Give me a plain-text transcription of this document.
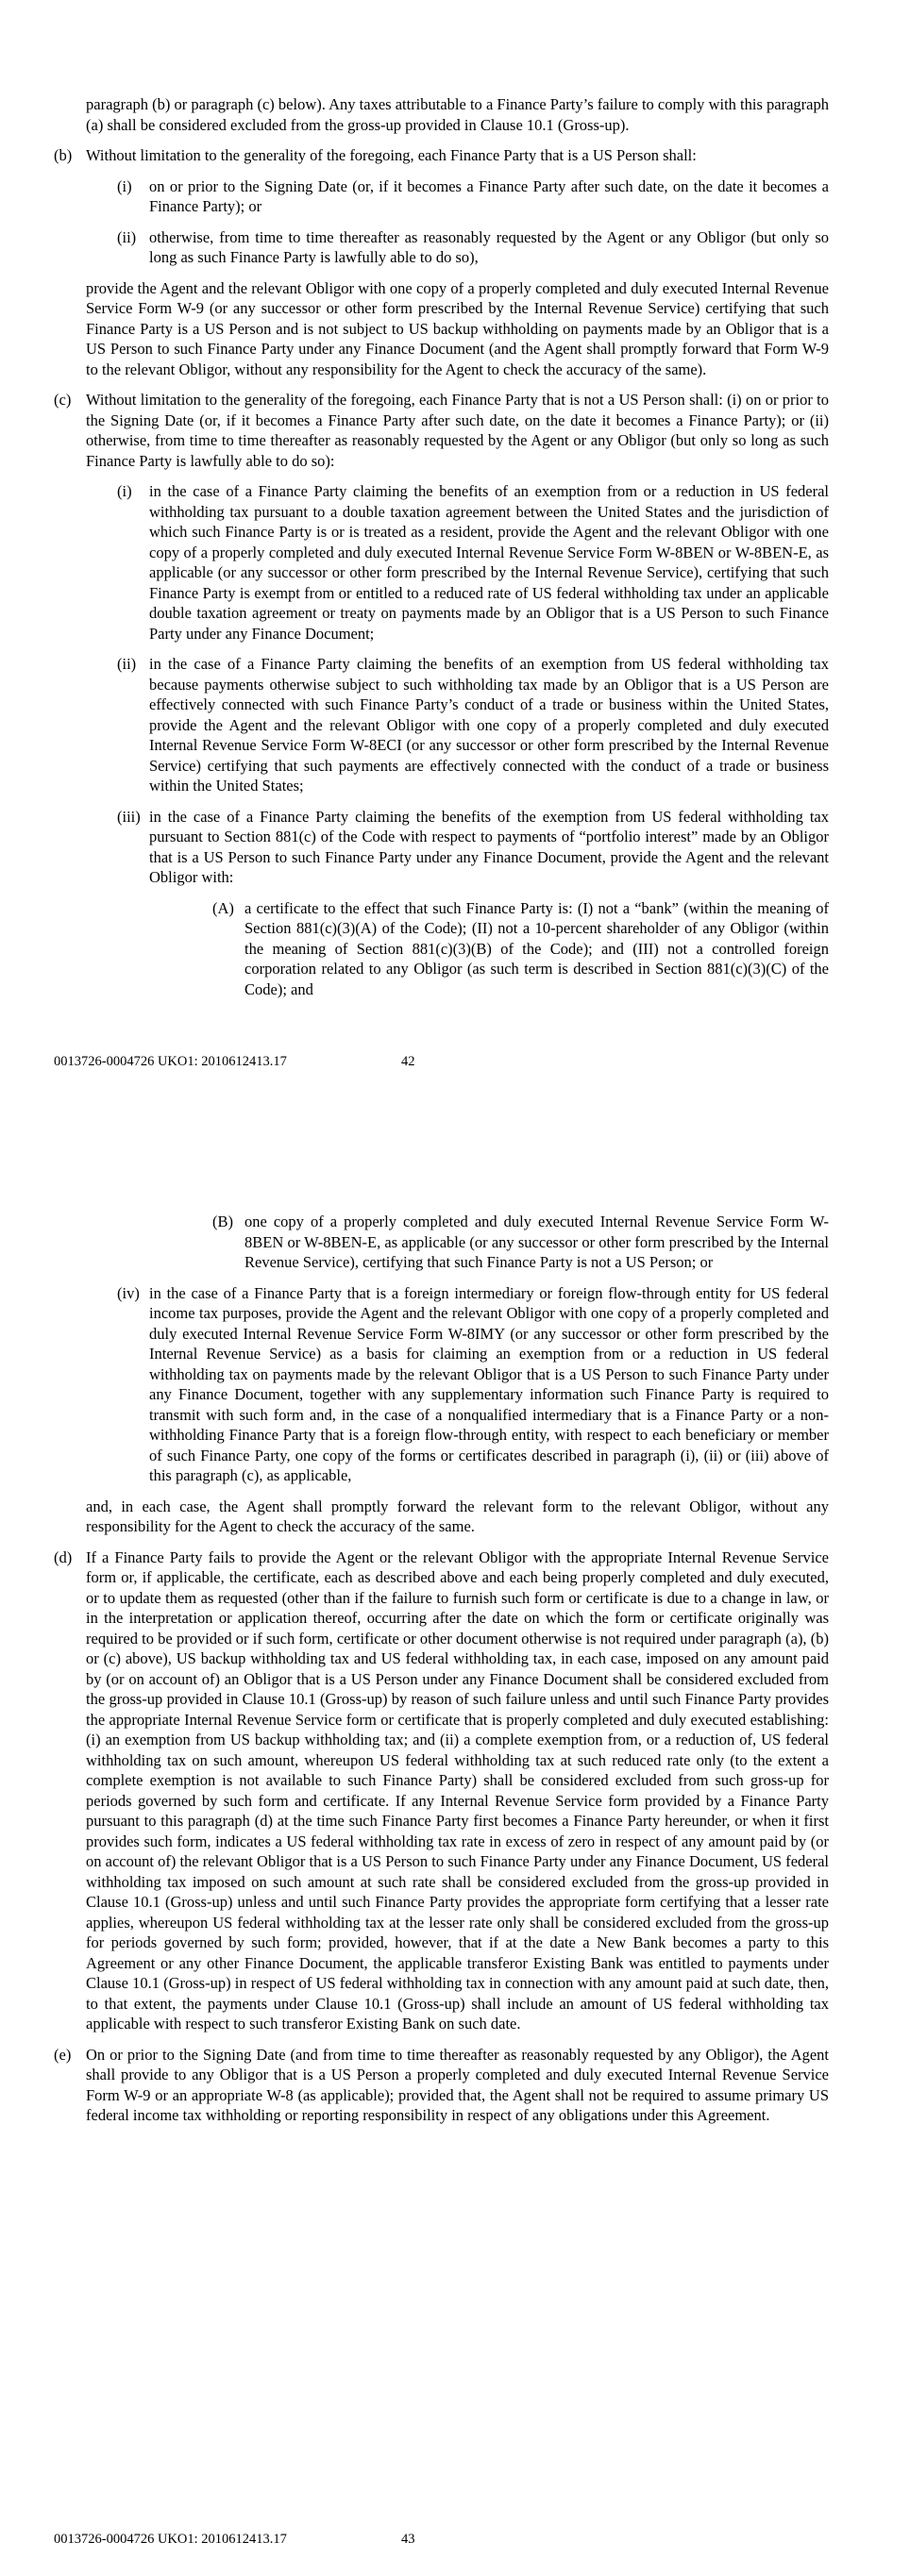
paragraph (b) or paragraph (c) below). Any taxes attributable to a Finance Party’s failure to comply with this paragraph (a) shall be considered excluded from the gross-up provided in Clause 10.1 (Gross-up).
(b) Without limitation to the generality of the foregoing, each Finance Party that is a US Person shall:
(i)	on or prior to the Signing Date (or, if it becomes a Finance Party after such date, on the date it becomes a Finance Party); or
(ii) otherwise, from time to time thereafter as reasonably requested by the Agent or any Obligor (but only so long as such Finance Party is lawfully able to do so),
provide the Agent and the relevant Obligor with one copy of a properly completed and duly executed Internal Revenue Service Form W-9 (or any successor or other form prescribed by the Internal Revenue Service) certifying that such Finance Party is a US Person and is not subject to US backup withholding on payments made by an Obligor that is a US Person to such Finance Party under any Finance Document (and the Agent shall promptly forward that Form W-9 to the relevant Obligor, without any responsibility for the Agent to check the accuracy of the same).
(c) Without limitation to the generality of the foregoing, each Finance Party that is not a US Person shall: (i) on or prior to the Signing Date (or, if it becomes a Finance Party after such date, on the date it becomes a Finance Party); or (ii) otherwise, from time to time thereafter as reasonably requested by the Agent or any Obligor (but only so long as such Finance Party is lawfully able to do so):
(i)	in the case of a Finance Party claiming the benefits of an exemption from or a reduction in US federal withholding tax pursuant to a double taxation agreement between the United States and the jurisdiction of which such Finance Party is or is treated as a resident, provide the Agent and the relevant Obligor with one copy of a properly completed and duly executed Internal Revenue Service Form W-8BEN or W-8BEN-E, as applicable (or any successor or other form prescribed by the Internal Revenue Service), certifying that such Finance Party is exempt from or entitled to a reduced rate of US federal withholding tax under an applicable double taxation agreement or treaty on payments made by an Obligor that is a US Person to such Finance Party under any Finance Document;
(ii) in the case of a Finance Party claiming the benefits of an exemption from US federal withholding tax because payments otherwise subject to such withholding tax made by an Obligor that is a US Person are effectively connected with such Finance Party’s conduct of a trade or business within the United States, provide the Agent and the relevant Obligor with one copy of a properly completed and duly executed Internal Revenue Service Form W-8ECI (or any successor or other form prescribed by the Internal Revenue Service) certifying that such payments are effectively connected with the conduct of a trade or business within the United States;
(iii) in the case of a Finance Party claiming the benefits of the exemption from US federal withholding tax pursuant to Section 881(c) of the Code with respect to payments of “portfolio interest” made by an Obligor that is a US Person to such Finance Party under any Finance Document, provide the Agent and the relevant Obligor with:
(A) a certificate to the effect that such Finance Party is: (I) not a “bank” (within the meaning of Section 881(c)(3)(A) of the Code); (II) not a 10-percent shareholder of any Obligor (within the meaning of Section 881(c)(3)(B) of the Code); and (III) not a controlled foreign corporation related to any Obligor (as such term is described in Section 881(c)(3)(C) of the Code); and
0013726-0004726 UKO1: 2010612413.17	42
(B) one copy of a properly completed and duly executed Internal Revenue Service Form W-8BEN or W-8BEN-E, as applicable (or any successor or other form prescribed by the Internal Revenue Service), certifying that such Finance Party is not a US Person; or
(iv) in the case of a Finance Party that is a foreign intermediary or foreign flow-through entity for US federal income tax purposes, provide the Agent and the relevant Obligor with one copy of a properly completed and duly executed Internal Revenue Service Form W-8IMY (or any successor or other form prescribed by the Internal Revenue Service) as a basis for claiming an exemption from or a reduction in US federal withholding tax on payments made by the relevant Obligor that is a US Person to such Finance Party under any Finance Document, together with any supplementary information such Finance Party is required to transmit with such form and, in the case of a nonqualified intermediary that is a Finance Party or a non-withholding Finance Party that is a foreign flow-through entity, with respect to each beneficiary or member of such Finance Party, one copy of the forms or certificates described in paragraph (i), (ii) or (iii) above of this paragraph (c), as applicable,
and, in each case, the Agent shall promptly forward the relevant form to the relevant Obligor, without any responsibility for the Agent to check the accuracy of the same.
(d) If a Finance Party fails to provide the Agent or the relevant Obligor with the appropriate Internal Revenue Service form or, if applicable, the certificate, each as described above and each being properly completed and duly executed, or to update them as requested (other than if the failure to furnish such form or certificate is due to a change in law, or in the interpretation or application thereof, occurring after the date on which the form or certificate originally was required to be provided or if such form, certificate or other document otherwise is not required under paragraph (a), (b) or (c) above), US backup withholding tax and US federal withholding tax, in each case, imposed on any amount paid by (or on account of) an Obligor that is a US Person under any Finance Document shall be considered excluded from the gross-up provided in Clause 10.1 (Gross-up) by reason of such failure unless and until such Finance Party provides the appropriate Internal Revenue Service form or certificate that is properly completed and duly executed establishing: (i) an exemption from US backup withholding tax; and (ii) a complete exemption from, or a reduction of, US federal withholding tax on such amount, whereupon US federal withholding tax at such reduced rate only (to the extent a complete exemption is not available to such Finance Party) shall be considered excluded from such gross-up for periods governed by such form and certificate. If any Internal Revenue Service form provided by a Finance Party pursuant to this paragraph (d) at the time such Finance Party first becomes a Finance Party hereunder, or when it first provides such form, indicates a US federal withholding tax rate in excess of zero in respect of any amount paid by (or on account of) the relevant Obligor that is a US Person to such Finance Party under any Finance Document, US federal withholding tax imposed on such amount at such rate shall be considered excluded from the gross-up provided in Clause 10.1 (Gross-up) unless and until such Finance Party provides the appropriate form certifying that a lesser rate applies, whereupon US federal withholding tax at the lesser rate only shall be considered excluded from the gross-up for periods governed by such form; provided, however, that if at the date a New Bank becomes a party to this Agreement or any other Finance Document, the applicable transferor Existing Bank was entitled to payments under Clause 10.1 (Gross-up) in respect of US federal withholding tax in connection with any amount paid at such date, then, to that extent, the payments under Clause 10.1 (Gross-up) shall include an amount of US federal withholding tax applicable with respect to such transferor Existing Bank on such date.
(e) On or prior to the Signing Date (and from time to time thereafter as reasonably requested by any Obligor), the Agent shall provide to any Obligor that is a US Person a properly completed and duly executed Internal Revenue Service Form W-9 or an appropriate W-8 (as applicable); provided that, the Agent shall not be required to assume primary US federal income tax withholding or reporting responsibility in respect of any obligations under this Agreement.
0013726-0004726 UKO1: 2010612413.17	43
